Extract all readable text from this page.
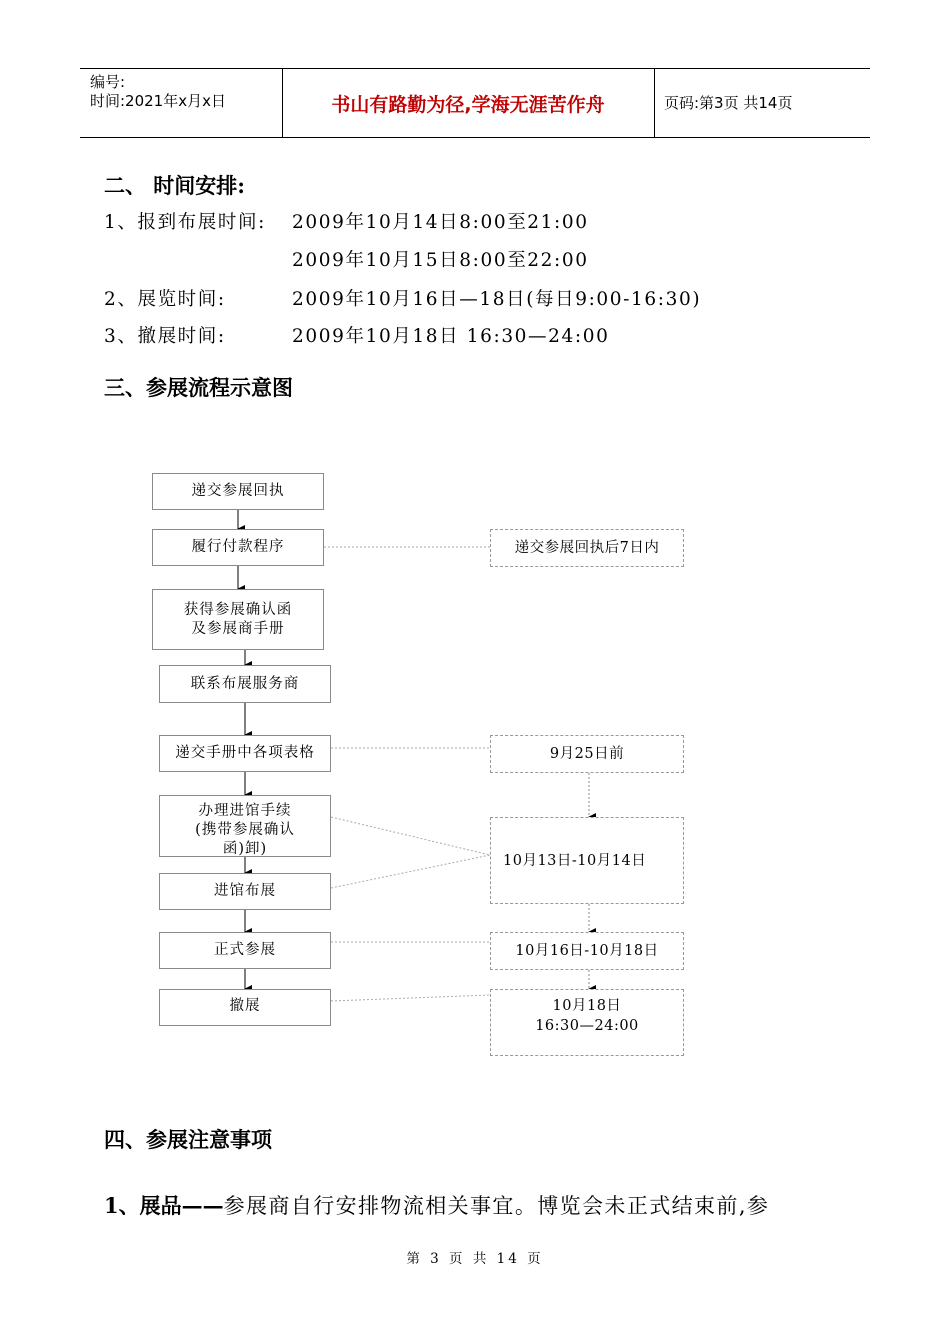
编号:
时间:2021年x月x日	书山有路勤为径,学海无涯苦作舟	页码:第3页 共14页
二、 时间安排:
1、报到布展时间: 2009年10月14日8:00至21:00
2009年10月15日8:00至22:00
2、展览时间:	2009年10月16日—18日(每日9:00-16:30)
3、撤展时间:	2009年10月18日 16:30—24:00
三、参展流程示意图
递交参展回执
履行付款程序
获得参展确认函
及参展商手册
联系布展服务商
递交手册中各项表格
办理进馆手续
(携带参展确认
函)卸)
进馆布展
正式参展
撤展
递交参展回执后7日内
9月25日前
10月13日-10月14日
10月16日-10月18日
10月18日
16:30—24:00
四、参展注意事项
1、展品——参展商自行安排物流相关事宜。博览会未正式结束前,参
第 3 页 共 14 页
